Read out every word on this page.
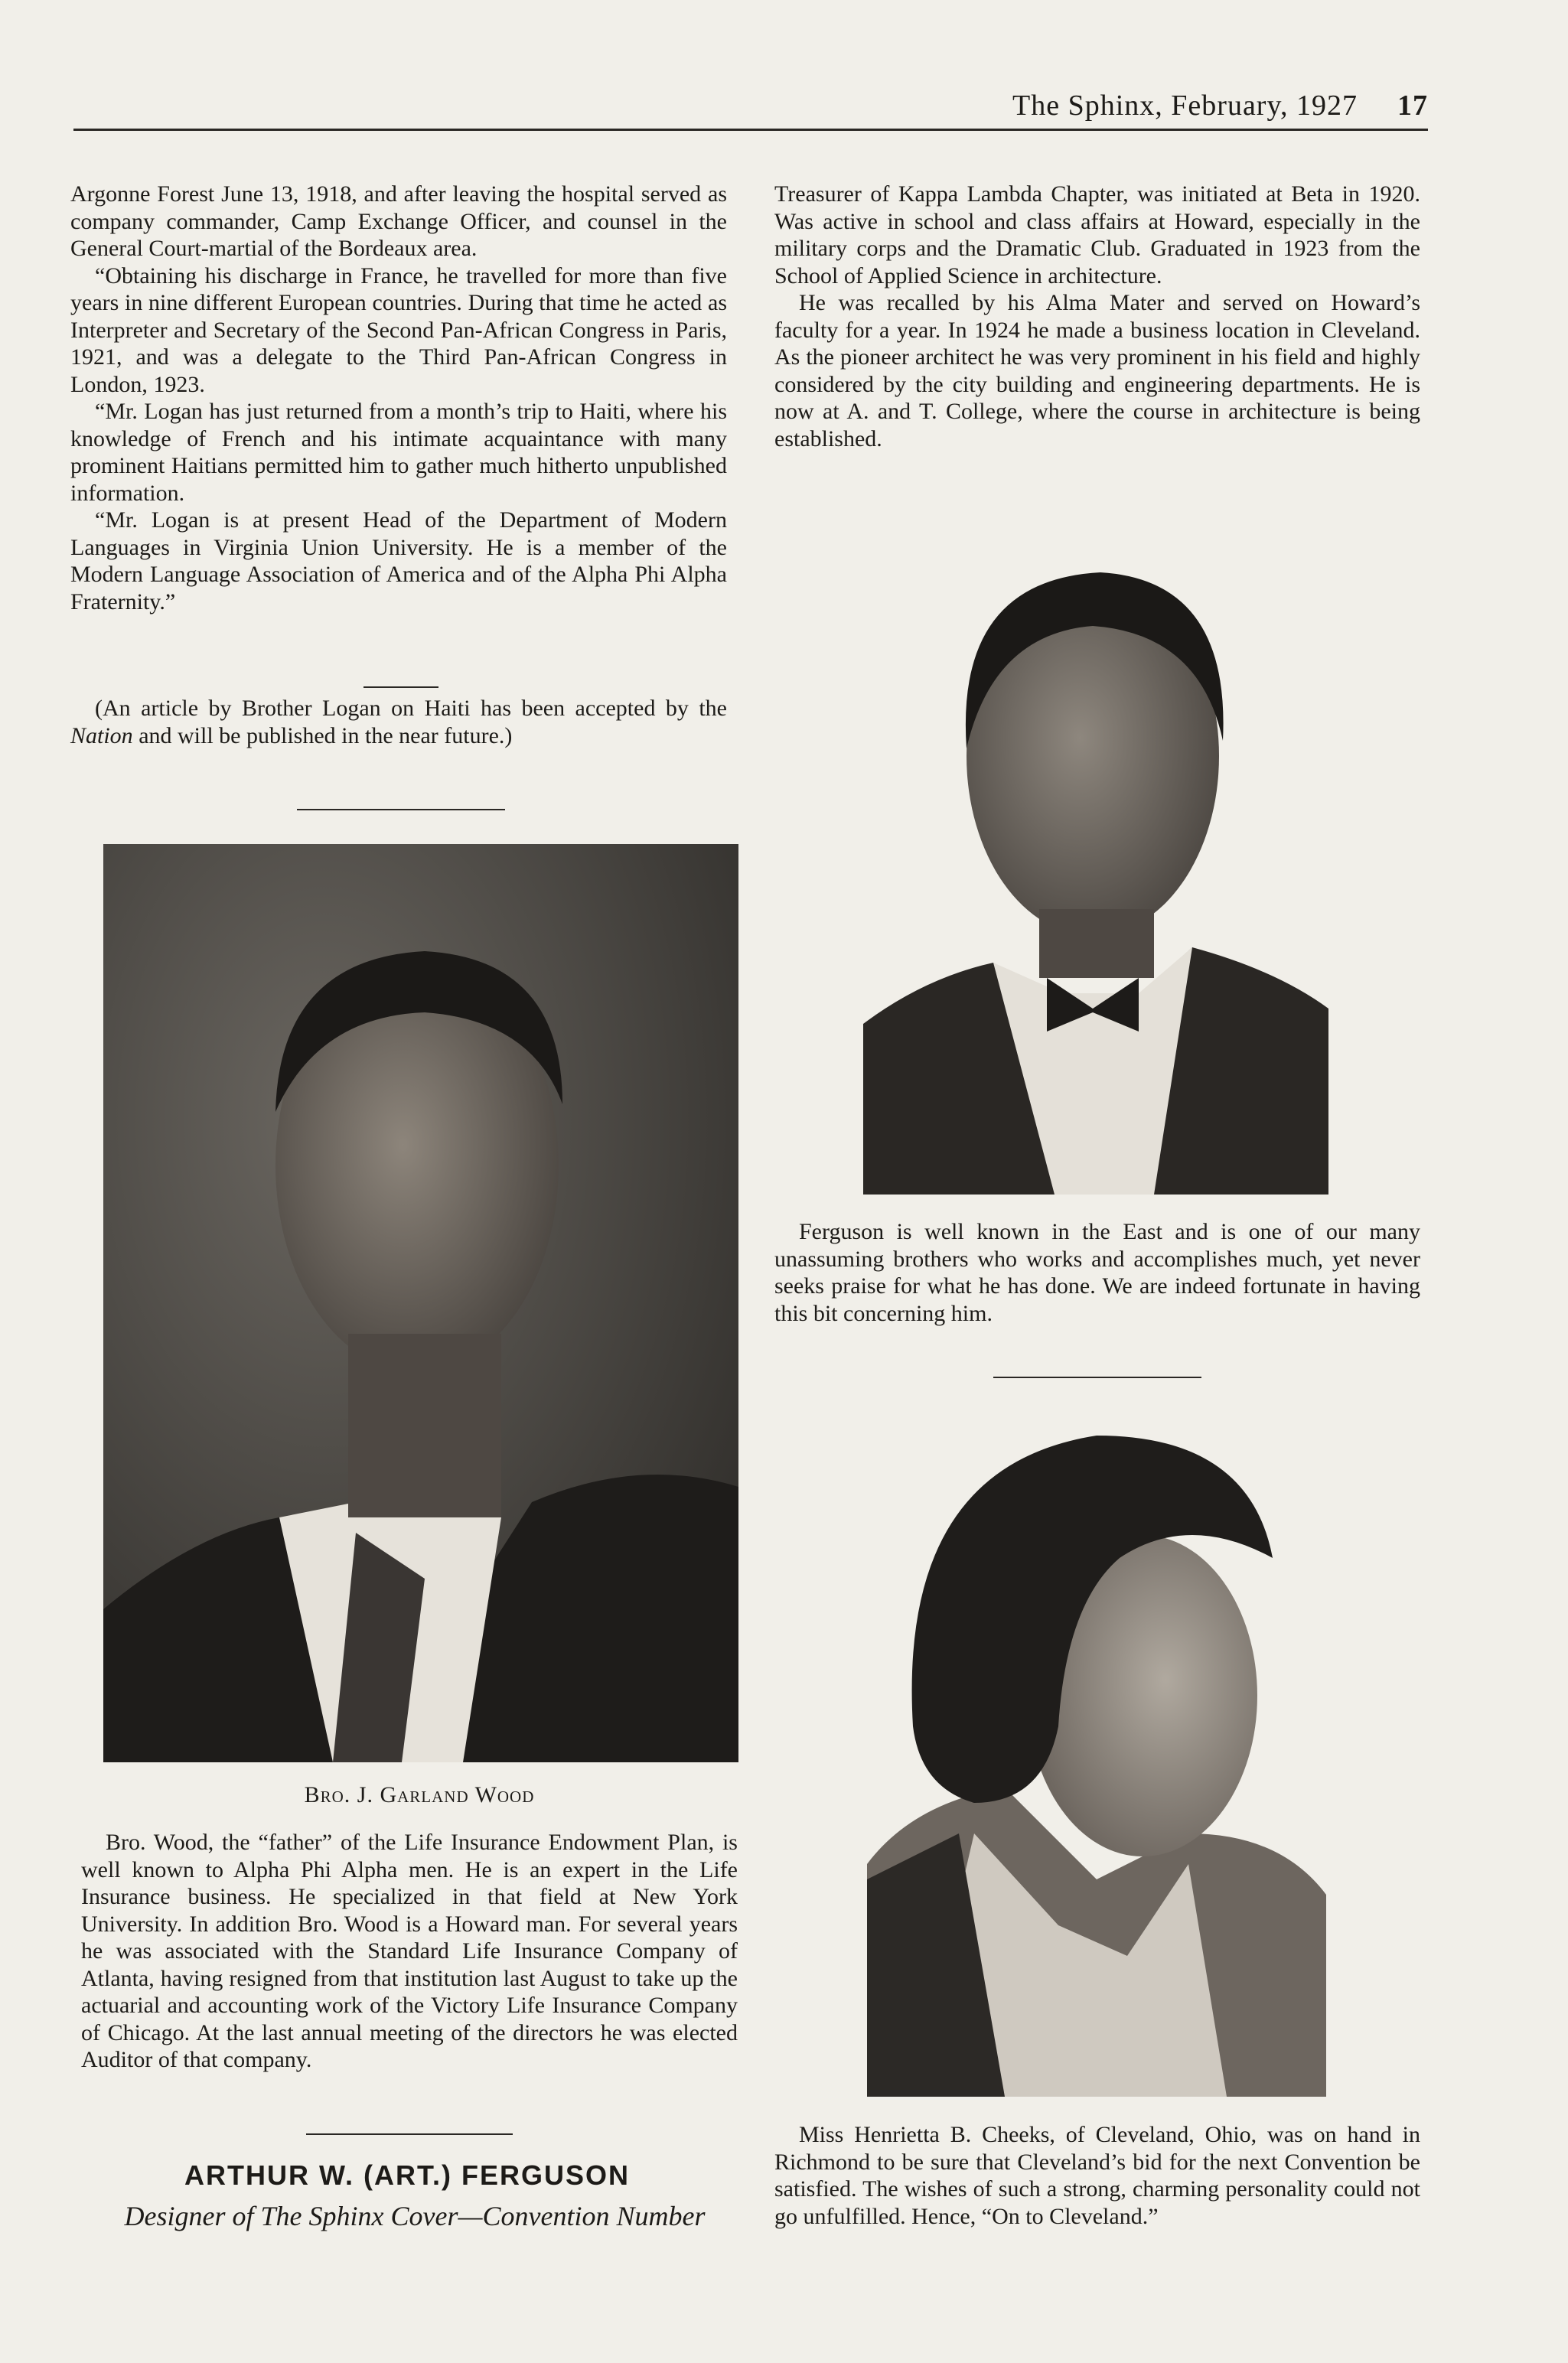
The Sphinx, February, 1927 17

Argonne Forest June 13, 1918, and after leaving the hospital served as company commander, Camp Exchange Officer, and counsel in the General Court-martial of the Bordeaux area.

“Obtaining his discharge in France, he travelled for more than five years in nine different European countries. During that time he acted as Interpreter and Secretary of the Second Pan-African Congress in Paris, 1921, and was a delegate to the Third Pan-African Congress in London, 1923.

“Mr. Logan has just returned from a month’s trip to Haiti, where his knowledge of French and his intimate acquaintance with many prominent Haitians permitted him to gather much hitherto unpublished information.

“Mr. Logan is at present Head of the Department of Modern Languages in Virginia Union University. He is a member of the Modern Language Association of America and of the Alpha Phi Alpha Fraternity.”

(An article by Brother Logan on Haiti has been accepted by the Nation and will be published in the near future.)

Bro. J. Garland Wood

Bro. Wood, the “father” of the Life Insurance Endowment Plan, is well known to Alpha Phi Alpha men. He is an expert in the Life Insurance business. He specialized in that field at New York University. In addition Bro. Wood is a Howard man. For several years he was associated with the Standard Life Insurance Company of Atlanta, having resigned from that institution last August to take up the actuarial and accounting work of the Victory Life Insurance Company of Chicago. At the last annual meeting of the directors he was elected Auditor of that company.

ARTHUR W. (ART.) FERGUSON
Designer of The Sphinx Cover—Convention Number

Treasurer of Kappa Lambda Chapter, was initiated at Beta in 1920. Was active in school and class affairs at Howard, especially in the military corps and the Dramatic Club. Graduated in 1923 from the School of Applied Science in architecture.

He was recalled by his Alma Mater and served on Howard’s faculty for a year. In 1924 he made a business location in Cleveland. As the pioneer architect he was very prominent in his field and highly considered by the city building and engineering departments. He is now at A. and T. College, where the course in architecture is being established.

Ferguson is well known in the East and is one of our many unassuming brothers who works and accomplishes much, yet never seeks praise for what he has done. We are indeed fortunate in having this bit concerning him.

Miss Henrietta B. Cheeks, of Cleveland, Ohio, was on hand in Richmond to be sure that Cleveland’s bid for the next Convention be satisfied. The wishes of such a strong, charming personality could not go unfulfilled. Hence, “On to Cleveland.”
